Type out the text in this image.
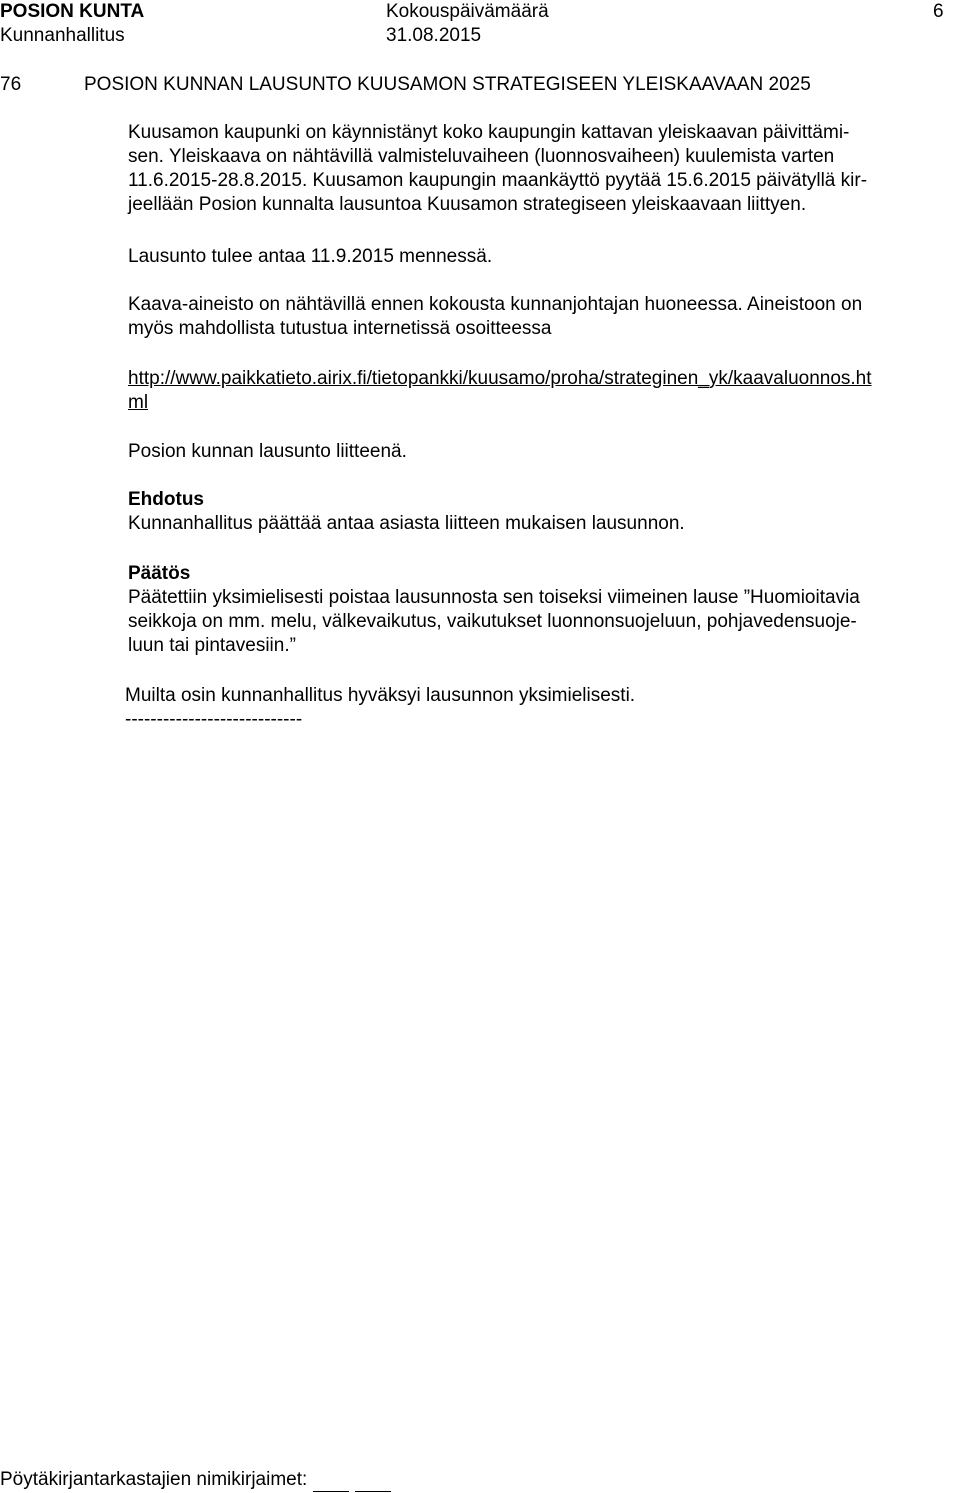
POSION KUNTA	Kokouspäivämäärä	6
Kunnanhallitus	31.08.2015
76	POSION KUNNAN LAUSUNTO KUUSAMON STRATEGISEEN YLEISKAAVAAN 2025
Kuusamon kaupunki on käynnistänyt koko kaupungin kattavan yleiskaavan päivittämi-
sen. Yleiskaava on nähtävillä valmisteluvaiheen (luonnosvaiheen) kuulemista varten
11.6.2015-28.8.2015. Kuusamon kaupungin maankäyttö pyytää 15.6.2015 päivätyllä kir-
jeellään Posion kunnalta lausuntoa Kuusamon strategiseen yleiskaavaan liittyen.
Lausunto tulee antaa 11.9.2015 mennessä.
Kaava-aineisto on nähtävillä ennen kokousta kunnanjohtajan huoneessa. Aineistoon on
myös mahdollista tutustua internetissä osoitteessa
http://www.paikkatieto.airix.fi/tietopankki/kuusamo/proha/strateginen_yk/kaavaluonnos.ht
ml
Posion kunnan lausunto liitteenä.
Ehdotus
Kunnanhallitus päättää antaa asiasta liitteen mukaisen lausunnon.
Päätös
Päätettiin yksimielisesti poistaa lausunnosta sen toiseksi viimeinen lause ”Huomioitavia
seikkoja on mm. melu, välkevaikutus, vaikutukset luonnonsuojeluun, pohjavedensuoje-
luun tai pintavesiin.”
Muilta osin kunnanhallitus hyväksyi lausunnon yksimielisesti.
----------------------------
Pöytäkirjantarkastajien nimikirjaimet:
